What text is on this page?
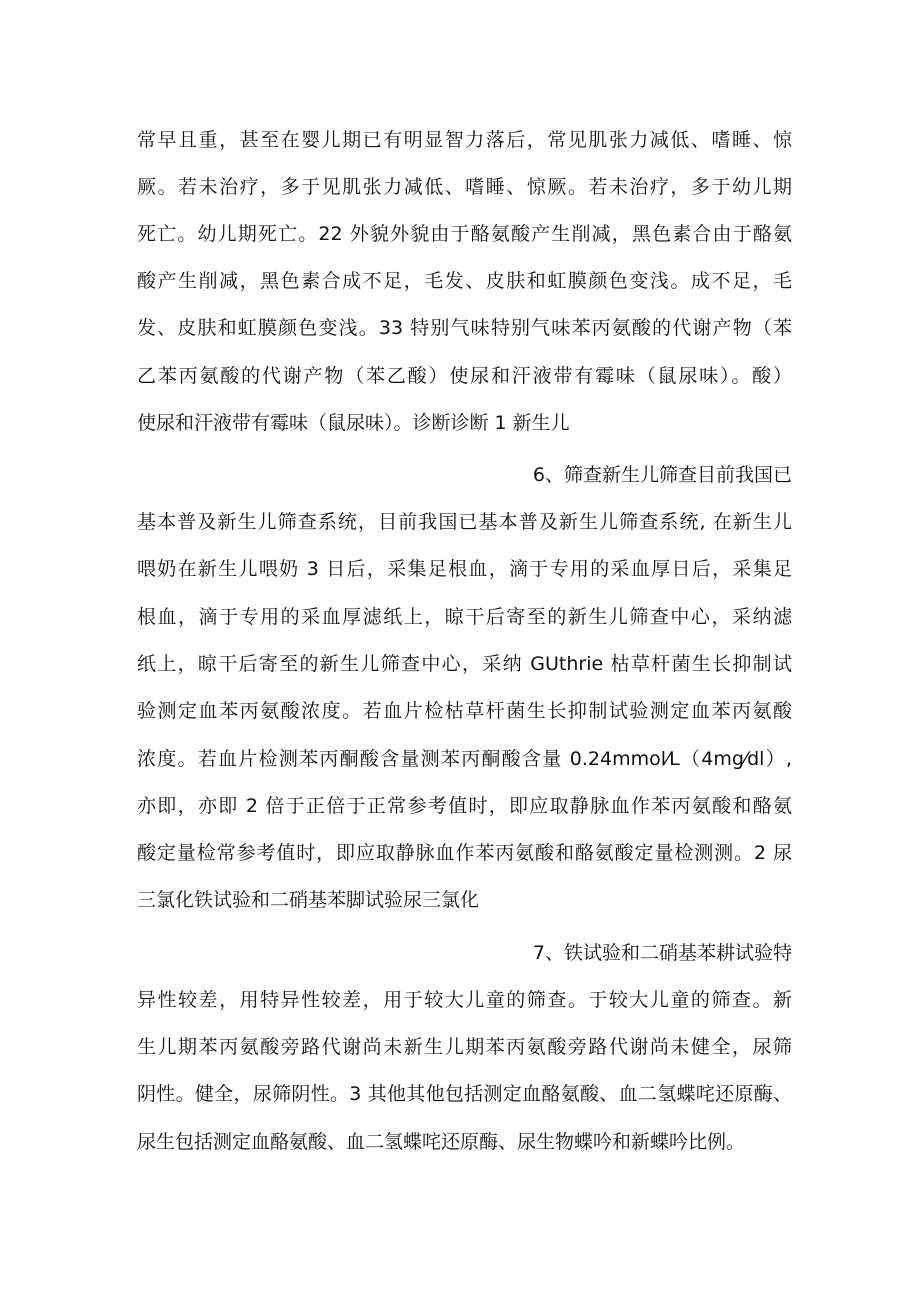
常早且重，甚至在婴儿期已有明显智力落后，常见肌张力减低、嗜睡、惊
厥。若未治疗，多于见肌张力减低、嗜睡、惊厥。若未治疗，多于幼儿期
死亡。幼儿期死亡。22 外貌外貌由于酪氨酸产生削减，黑色素合由于酪氨
酸产生削减，黑色素合成不足，毛发、皮肤和虹膜颜色变浅。成不足，毛
发、皮肤和虹膜颜色变浅。33 特别气味特别气味苯丙氨酸的代谢产物（苯
乙苯丙氨酸的代谢产物（苯乙酸）使尿和汗液带有霉味（鼠尿味）。酸）
使尿和汗液带有霉味（鼠尿味）。诊断诊断 1 新生儿
6、筛查新生儿筛查目前我国已
基本普及新生儿筛查系统，目前我国已基本普及新生儿筛查系统, 在新生儿
喂奶在新生儿喂奶 3 日后，采集足根血，滴于专用的采血厚日后，采集足
根血，滴于专用的采血厚滤纸上，晾干后寄至的新生儿筛查中心，采纳滤
纸上，晾干后寄至的新生儿筛查中心，采纳 GUthrie 枯草杆菌生长抑制试
验测定血苯丙氨酸浓度。若血片检枯草杆菌生长抑制试验测定血苯丙氨酸
浓度。若血片检测苯丙酮酸含量测苯丙酮酸含量 0.24mmol⁄L（4mg⁄dl）,
亦即，亦即 2 倍于正倍于正常参考值时，即应取静脉血作苯丙氨酸和酪氨
酸定量检常参考值时，即应取静脉血作苯丙氨酸和酪氨酸定量检测测。2 尿
三氯化铁试验和二硝基苯脚试验尿三氯化
7、铁试验和二硝基苯耕试验特
异性较差，用特异性较差，用于较大儿童的筛查。于较大儿童的筛查。新
生儿期苯丙氨酸旁路代谢尚未新生儿期苯丙氨酸旁路代谢尚未健全，尿筛
阴性。健全，尿筛阴性。3 其他其他包括测定血酪氨酸、血二氢蝶咤还原酶、
尿生包括测定血酪氨酸、血二氢蝶咤还原酶、尿生物蝶吟和新蝶吟比例。
